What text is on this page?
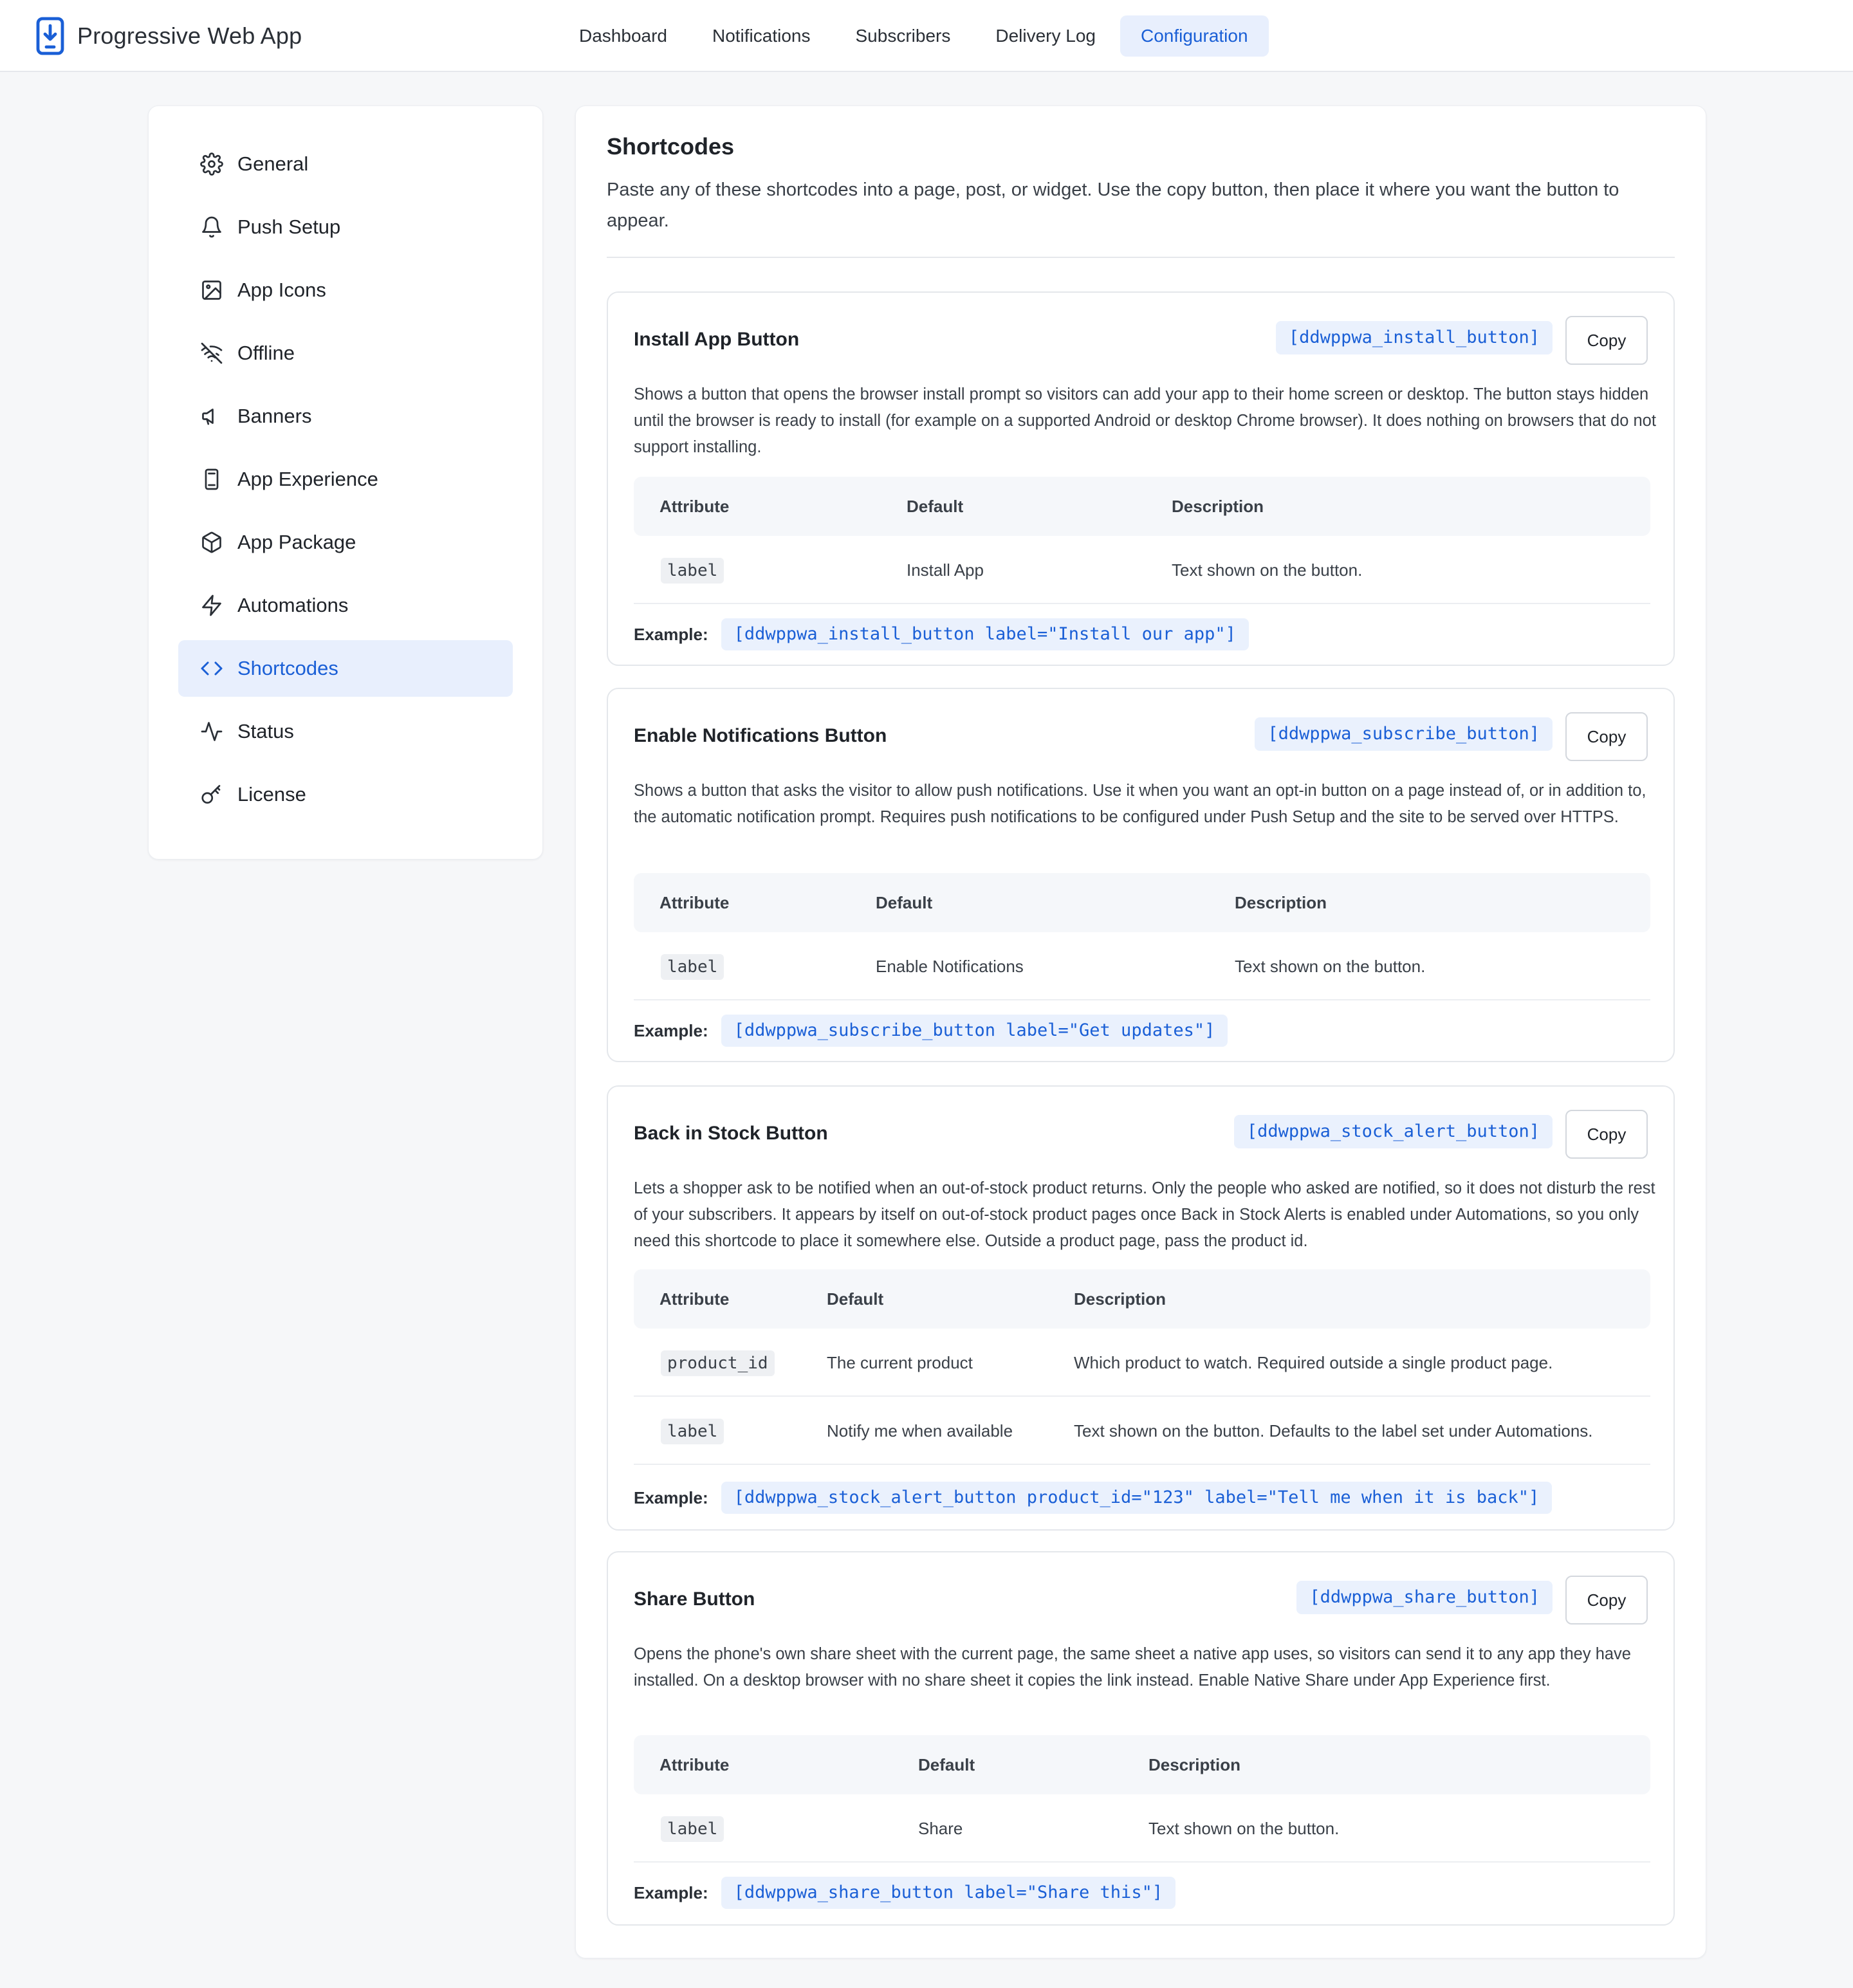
Progressive Web App	Dashboard	Notifications	Subscribers	Delivery Log	Configuration
General
Push Setup
App Icons
Offline
Banners
App Experience
App Package
Automations
Shortcodes
Status
License
Shortcodes

Paste any of these shortcodes into a page, post, or widget. Use the copy button, then place it where you want the button to appear.

Install App Button	[ddwppwa_install_button]	Copy

Shows a button that opens the browser install prompt so visitors can add your app to their home screen or desktop. The button stays hidden until the browser is ready to install (for example on a supported Android or desktop Chrome browser). It does nothing on browsers that do not support installing.

Attribute	Default	Description
label	Install App	Text shown on the button.
Example:	[ddwppwa_install_button label="Install our app"]
Enable Notifications Button	[ddwppwa_subscribe_button]	Copy

Shows a button that asks the visitor to allow push notifications. Use it when you want an opt-in button on a page instead of, or in addition to, the automatic notification prompt. Requires push notifications to be configured under Push Setup and the site to be served over HTTPS.

Attribute	Default	Description
label	Enable Notifications	Text shown on the button.
Example:	[ddwppwa_subscribe_button label="Get updates"]
Back in Stock Button	[ddwppwa_stock_alert_button]	Copy

Lets a shopper ask to be notified when an out-of-stock product returns. Only the people who asked are notified, so it does not disturb the rest of your subscribers. It appears by itself on out-of-stock product pages once Back in Stock Alerts is enabled under Automations, so you only need this shortcode to place it somewhere else. Outside a product page, pass the product id.

Attribute	Default	Description
product_id	The current product	Which product to watch. Required outside a single product page.
label	Notify me when available	Text shown on the button. Defaults to the label set under Automations.
Example:	[ddwppwa_stock_alert_button product_id="123" label="Tell me when it is back"]
Share Button	[ddwppwa_share_button]	Copy

Opens the phone's own share sheet with the current page, the same sheet a native app uses, so visitors can send it to any app they have installed. On a desktop browser with no share sheet it copies the link instead. Enable Native Share under App Experience first.

Attribute	Default	Description
label	Share	Text shown on the button.
Example:	[ddwppwa_share_button label="Share this"]
